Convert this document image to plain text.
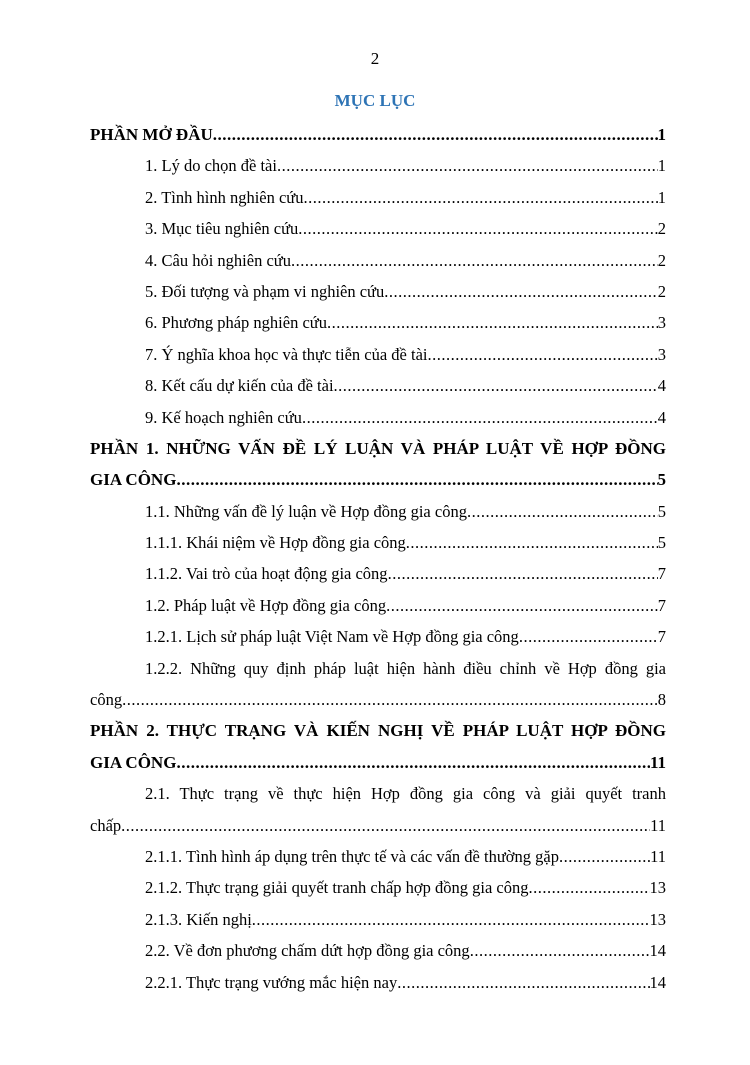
2
MỤC LỤC
PHẦN MỞ ĐẦU .....	1
1. Lý do chọn đề tài .....	1
2. Tình hình nghiên cứu .....	1
3. Mục tiêu nghiên cứu .....	2
4. Câu hỏi nghiên cứu .....	2
5. Đối tượng và phạm vi nghiên cứu .....	2
6. Phương pháp nghiên cứu .....	3
7. Ý nghĩa khoa học và thực tiễn của đề tài .....	3
8. Kết cấu dự kiến của đề tài .....	4
9. Kế hoạch nghiên cứu .....	4
PHẦN 1. NHỮNG VẤN ĐỀ LÝ LUẬN VÀ PHÁP LUẬT VỀ HỢP ĐỒNG
GIA CÔNG .....	5
1.1. Những vấn đề lý luận về Hợp đồng gia công .....	5
1.1.1. Khái niệm về Hợp đồng gia công .....	5
1.1.2. Vai trò của hoạt động gia công .....	7
1.2. Pháp luật về Hợp đồng gia công .....	7
1.2.1. Lịch sử pháp luật Việt Nam về Hợp đồng gia công .....	7
1.2.2. Những quy định pháp luật hiện hành điều chỉnh về Hợp đồng gia
công .....	8
PHẦN 2. THỰC TRẠNG VÀ KIẾN NGHỊ VỀ PHÁP LUẬT HỢP ĐỒNG
GIA CÔNG .....	11
2.1. Thực trạng về thực hiện Hợp đồng gia công và giải quyết tranh
chấp .....	11
2.1.1. Tình hình áp dụng trên thực tế và các vấn đề thường gặp .....	11
2.1.2. Thực trạng giải quyết tranh chấp hợp đồng gia công .....	13
2.1.3. Kiến nghị .....	13
2.2. Về đơn phương chấm dứt hợp đồng gia công .....	14
2.2.1. Thực trạng vướng mắc hiện nay .....	14
